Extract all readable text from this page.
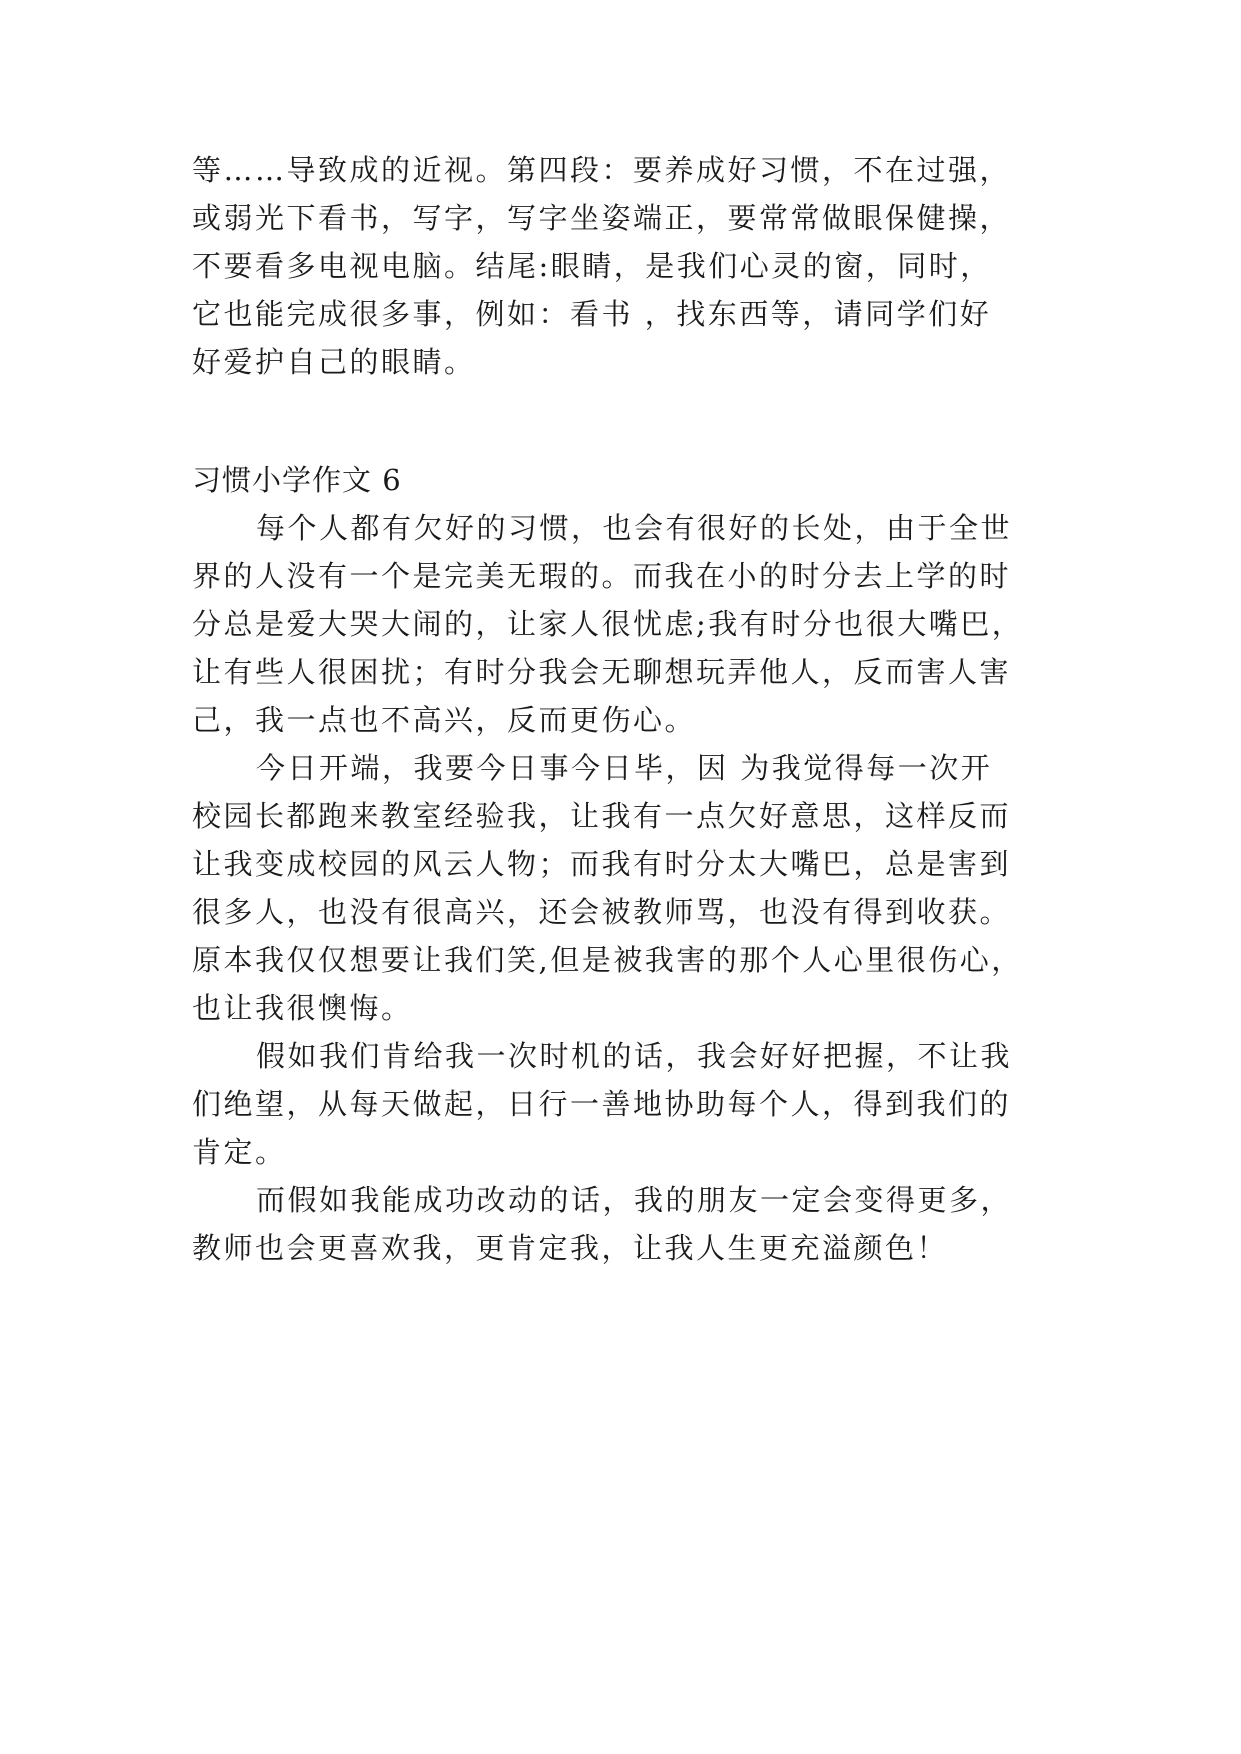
等……导致成的近视。第四段：要养成好习惯，不在过强，
或弱光下看书，写字，写字坐姿端正，要常常做眼保健操，
不要看多电视电脑。结尾:眼睛，是我们心灵的窗，同时，
它也能完成很多事，例如：看书 ，找东西等，请同学们好
好爱护自己的眼睛。
习惯小学作文 6
每个人都有欠好的习惯，也会有很好的长处，由于全世
界的人没有一个是完美无瑕的。而我在小的时分去上学的时
分总是爱大哭大闹的，让家人很忧虑;我有时分也很大嘴巴，
让有些人很困扰；有时分我会无聊想玩弄他人，反而害人害
己，我一点也不高兴，反而更伤心。
今日开端，我要今日事今日毕，因 为我觉得每一次开
校园长都跑来教室经验我，让我有一点欠好意思，这样反而
让我变成校园的风云人物；而我有时分太大嘴巴，总是害到
很多人，也没有很高兴，还会被教师骂，也没有得到收获。
原本我仅仅想要让我们笑,但是被我害的那个人心里很伤心，
也让我很懊悔。
假如我们肯给我一次时机的话，我会好好把握，不让我
们绝望，从每天做起，日行一善地协助每个人，得到我们的
肯定。
而假如我能成功改动的话，我的朋友一定会变得更多，
教师也会更喜欢我，更肯定我，让我人生更充溢颜色！
